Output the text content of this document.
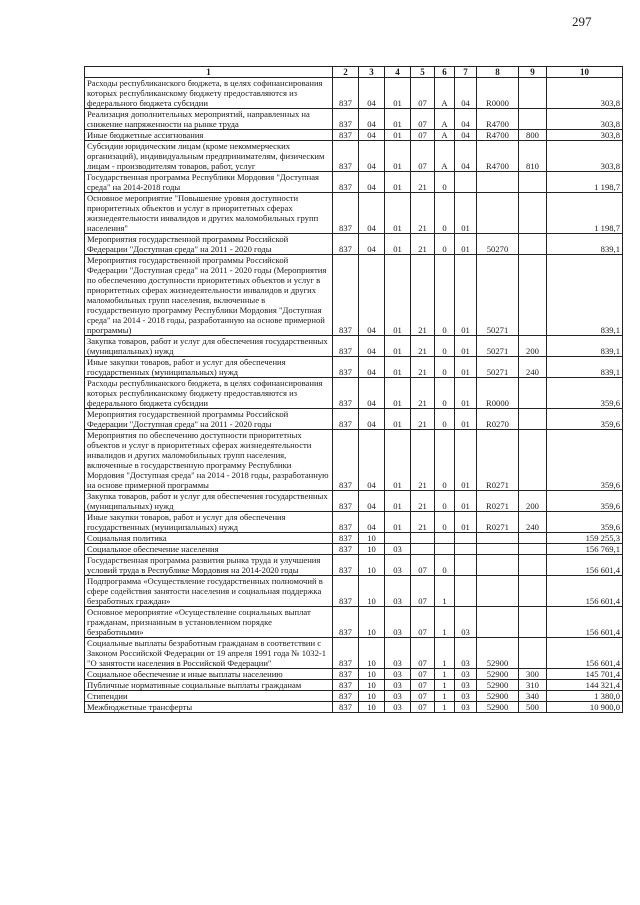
297
1	2	3	4	5	6	7	8	9	10
Расходы республиканского бюджета, в целях софинансирования которых республиканскому бюджету предоставляются из федерального бюджета субсидии	837	04	01	07	А	04	R0000		303,8
Реализация дополнительных мероприятий, направленных на снижение напряженности на рынке труда	837	04	01	07	А	04	R4700		303,8
Иные бюджетные ассигнования	837	04	01	07	А	04	R4700	800	303,8
Субсидии юридическим лицам (кроме некоммерческих организаций), индивидуальным предпринимателям, физическим лицам - производителям товаров, работ, услуг	837	04	01	07	А	04	R4700	810	303,8
Государственная программа Республики Мордовия "Доступная среда" на 2014-2018 годы	837	04	01	21	0				1 198,7
Основное мероприятие "Повышение уровня доступности приоритетных объектов и услуг в приоритетных сферах жизнедеятельности инвалидов и других маломобильных групп населения"	837	04	01	21	0	01			1 198,7
Мероприятия государственной программы Российской Федерации "Доступная среда" на 2011 - 2020 годы	837	04	01	21	0	01	50270		839,1
Мероприятия государственной программы Российской Федерации "Доступная среда" на 2011 - 2020 годы (Мероприятия по обеспечению доступности приоритетных объектов и услуг в приоритетных сферах жизнедеятельности инвалидов и других маломобильных групп населения, включенные в государственную программу Республики Мордовия "Доступная среда" на 2014 - 2018 годы, разработанную на основе примерной программы)	837	04	01	21	0	01	50271		839,1
Закупка товаров, работ и услуг для обеспечения государственных (муниципальных) нужд	837	04	01	21	0	01	50271	200	839,1
Иные закупки товаров, работ и услуг для обеспечения государственных (муниципальных) нужд	837	04	01	21	0	01	50271	240	839,1
Расходы республиканского бюджета, в целях софинансирования которых республиканскому бюджету предоставляются из федерального бюджета субсидии	837	04	01	21	0	01	R0000		359,6
Мероприятия государственной программы Российской Федерации "Доступная среда" на 2011 - 2020 годы	837	04	01	21	0	01	R0270		359,6
Мероприятия по обеспечению доступности приоритетных объектов и услуг в приоритетных сферах жизнедеятельности инвалидов и других маломобильных групп населения, включенные в государственную программу Республики Мордовия "Доступная среда" на 2014 - 2018 годы, разработанную на основе примерной программы	837	04	01	21	0	01	R0271		359,6
Закупка товаров, работ и услуг для обеспечения государственных (муниципальных) нужд	837	04	01	21	0	01	R0271	200	359,6
Иные закупки товаров, работ и услуг для обеспечения государственных (муниципальных) нужд	837	04	01	21	0	01	R0271	240	359,6
Социальная политика	837	10							159 255,3
Социальное обеспечение населения	837	10	03						156 769,1
Государственная программа развития рынка труда и улучшения условий труда в Республике Мордовия на 2014-2020 годы	837	10	03	07	0				156 601,4
Подпрограмма «Осуществление государственных полномочий в сфере содействия занятости населения и социальная поддержка безработных граждан»	837	10	03	07	1				156 601,4
Основное мероприятие «Осуществление социальных выплат гражданам, признанным в установленном порядке безработными»	837	10	03	07	1	03			156 601,4
Социальные выплаты безработным гражданам в соответствии с Законом Российской Федерации от 19 апреля 1991 года № 1032-1 "О занятости населения в Российской Федерации"	837	10	03	07	1	03	52900		156 601,4
Социальное обеспечение и иные выплаты населению	837	10	03	07	1	03	52900	300	145 701,4
Публичные нормативные социальные выплаты гражданам	837	10	03	07	1	03	52900	310	144 321,4
Стипендии	837	10	03	07	1	03	52900	340	1 380,0
Межбюджетные трансферты	837	10	03	07	1	03	52900	500	10 900,0
